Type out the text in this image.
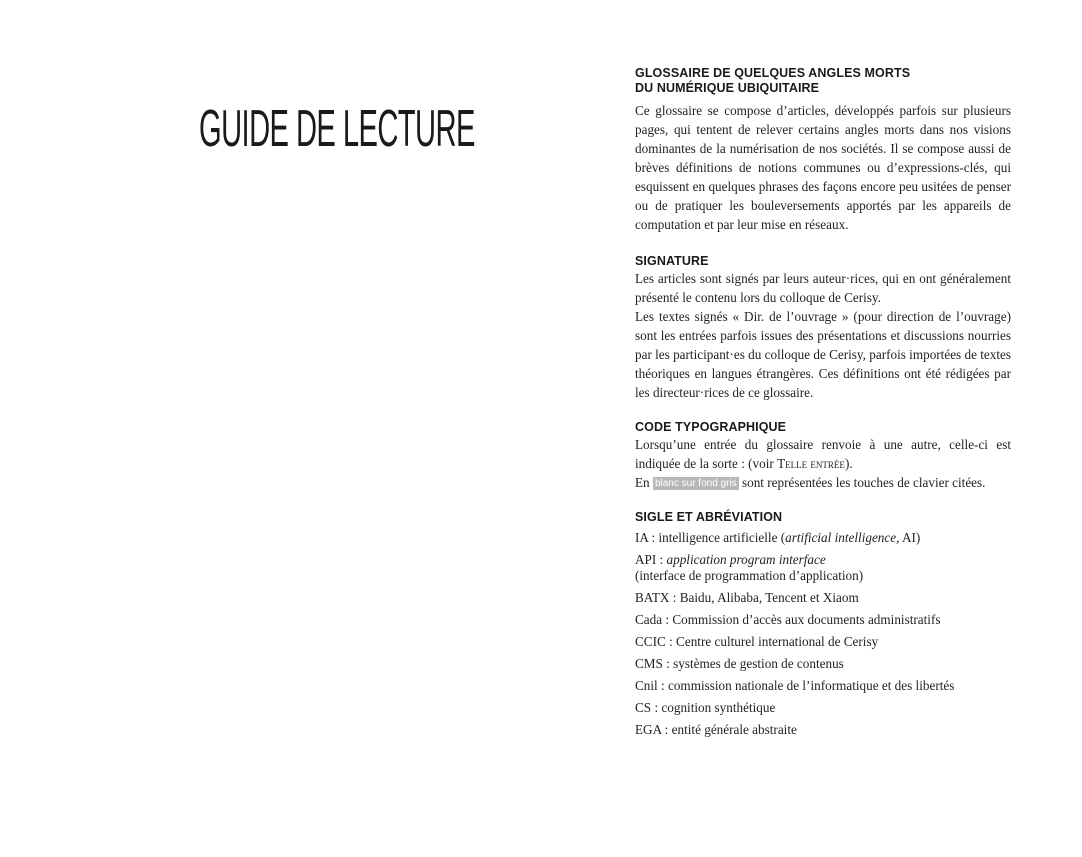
GUIDE DE LECTURE
GLOSSAIRE DE QUELQUES ANGLES MORTS
DU NUMÉRIQUE UBIQUITAIRE

Ce glossaire se compose d’articles, développés parfois sur plusieurs pages, qui tentent de relever certains angles morts dans nos visions dominantes de la numérisation de nos sociétés. Il se compose aussi de brèves définitions de notions communes ou d’expressions-clés, qui esquissent en quelques phrases des façons encore peu usitées de penser ou de pratiquer les bouleversements apportés par les appareils de computation et par leur mise en réseaux.

SIGNATURE

Les articles sont signés par leurs auteur·rices, qui en ont généralement présenté le contenu lors du colloque de Cerisy.

Les textes signés « Dir. de l’ouvrage » (pour direction de l’ouvrage) sont les entrées parfois issues des présentations et discussions nourries par les participant·es du colloque de Cerisy, parfois importées de textes théoriques en langues étrangères. Ces définitions ont été rédigées par les directeur·rices de ce glossaire.

CODE TYPOGRAPHIQUE

Lorsqu’une entrée du glossaire renvoie à une autre, celle-ci est indiquée de la sorte : (voir Telle entrée).

En blanc sur fond gris sont représentées les touches de clavier citées.

SIGLE ET ABRÉVIATION
IA : intelligence artificielle (artificial intelligence, AI)
API : application program interface
(interface de programmation d’application)
BATX : Baidu, Alibaba, Tencent et Xiaom
Cada : Commission d’accès aux documents administratifs
CCIC : Centre culturel international de Cerisy
CMS : systèmes de gestion de contenus
Cnil : commission nationale de l’informatique et des libertés
CS : cognition synthétique
EGA : entité générale abstraite
